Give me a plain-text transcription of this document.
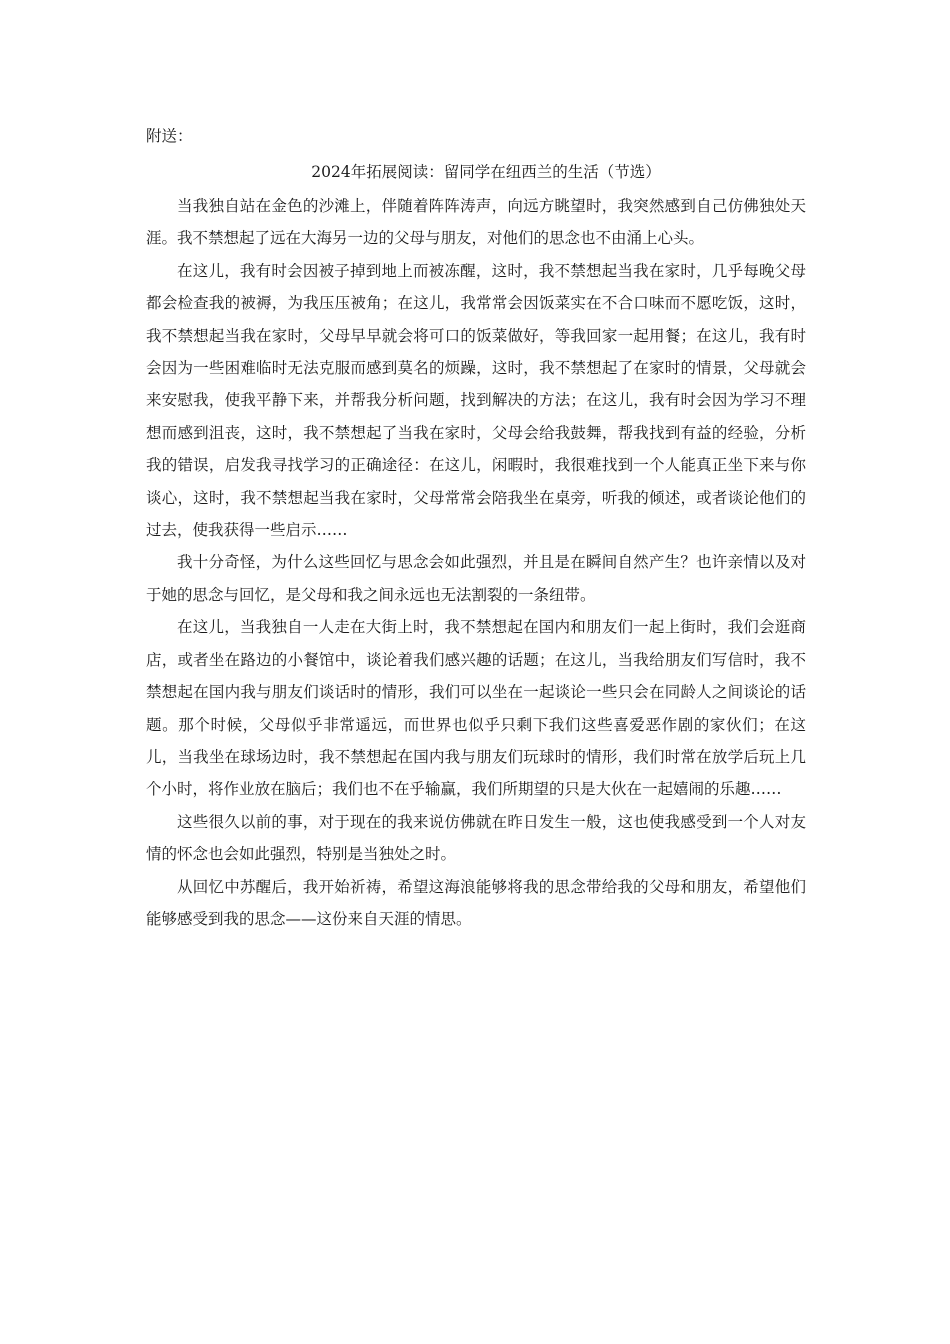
附送：

2024年拓展阅读：留同学在纽西兰的生活（节选）

当我独自站在金色的沙滩上，伴随着阵阵涛声，向远方眺望时，我突然感到自己仿佛独处天涯。我不禁想起了远在大海另一边的父母与朋友，对他们的思念也不由涌上心头。

在这儿，我有时会因被子掉到地上而被冻醒，这时，我不禁想起当我在家时，几乎每晚父母都会检查我的被褥，为我压压被角；在这儿，我常常会因饭菜实在不合口味而不愿吃饭，这时，我不禁想起当我在家时，父母早早就会将可口的饭菜做好，等我回家一起用餐；在这儿，我有时会因为一些困难临时无法克服而感到莫名的烦躁，这时，我不禁想起了在家时的情景，父母就会来安慰我，使我平静下来，并帮我分析问题，找到解决的方法；在这儿，我有时会因为学习不理想而感到沮丧，这时，我不禁想起了当我在家时，父母会给我鼓舞，帮我找到有益的经验，分析我的错误，启发我寻找学习的正确途径：在这儿，闲暇时，我很难找到一个人能真正坐下来与你谈心，这时，我不禁想起当我在家时，父母常常会陪我坐在桌旁，听我的倾述，或者谈论他们的过去，使我获得一些启示……

我十分奇怪，为什么这些回忆与思念会如此强烈，并且是在瞬间自然产生？也许亲情以及对于她的思念与回忆，是父母和我之间永远也无法割裂的一条纽带。

在这儿，当我独自一人走在大街上时，我不禁想起在国内和朋友们一起上街时，我们会逛商店，或者坐在路边的小餐馆中，谈论着我们感兴趣的话题；在这儿，当我给朋友们写信时，我不禁想起在国内我与朋友们谈话时的情形，我们可以坐在一起谈论一些只会在同龄人之间谈论的话题。那个时候，父母似乎非常遥远，而世界也似乎只剩下我们这些喜爱恶作剧的家伙们；在这儿，当我坐在球场边时，我不禁想起在国内我与朋友们玩球时的情形，我们时常在放学后玩上几个小时，将作业放在脑后；我们也不在乎输赢，我们所期望的只是大伙在一起嬉闹的乐趣……

这些很久以前的事，对于现在的我来说仿佛就在昨日发生一般，这也使我感受到一个人对友情的怀念也会如此强烈，特别是当独处之时。

从回忆中苏醒后，我开始祈祷，希望这海浪能够将我的思念带给我的父母和朋友，希望他们能够感受到我的思念——这份来自天涯的情思。
